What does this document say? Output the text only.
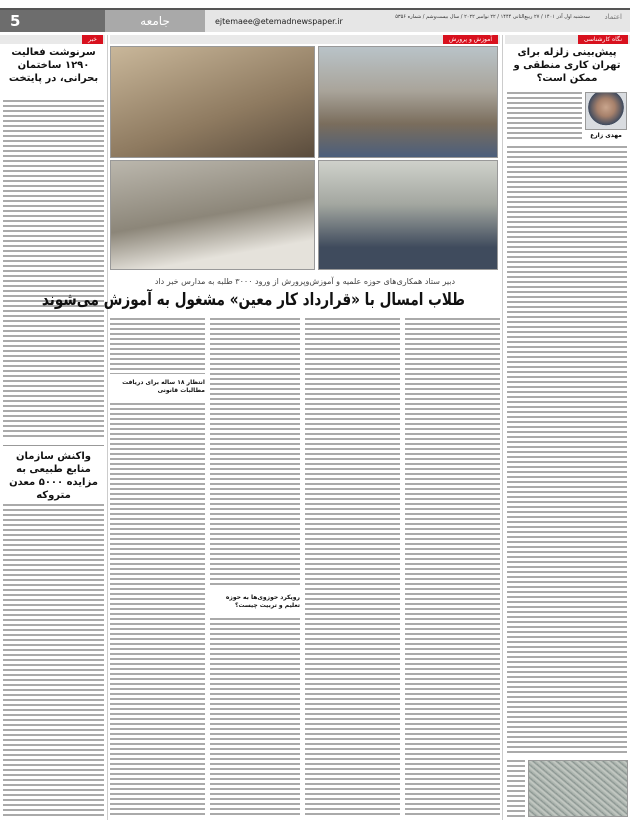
5	جامعه	ejtemaee@etemadnewspaper.ir	سه‌شنبه اول آذر ۱۴۰۱ / ۲۷ ربیع‌الثانی ۱۴۴۴ / ۲۲ نوامبر ۲۰۲۲ / سال بیست‌وشم / شماره ۵۳۵۶ اعتماد
خبر	آموزش و پرورش	نگاه کارشناسی
دبیر ستاد همکاری‌های حوزه علمیه و آموزش‌وپرورش از ورود ۳۰۰۰ طلبه به مدارس خبر داد
طلاب امسال با «قرارداد کار معین» مشغول به آموزش می‌شوند
رویکرد حوزوی‌ها به حوزه تعلیم و تربیت چیست؟
انتظار ۱۸ ساله برای دریافت مطالبات قانونی
پیش‌بینی زلزله برای تهران کاری منطقی و ممکن است؟
مهدی زارع
سرنوشت فعالیت ۱۲۹۰ ساختمان بحرانی، در پایتخت
واکنش سازمان منابع طبیعی به مزایده ۵۰۰۰ معدن متروکه
